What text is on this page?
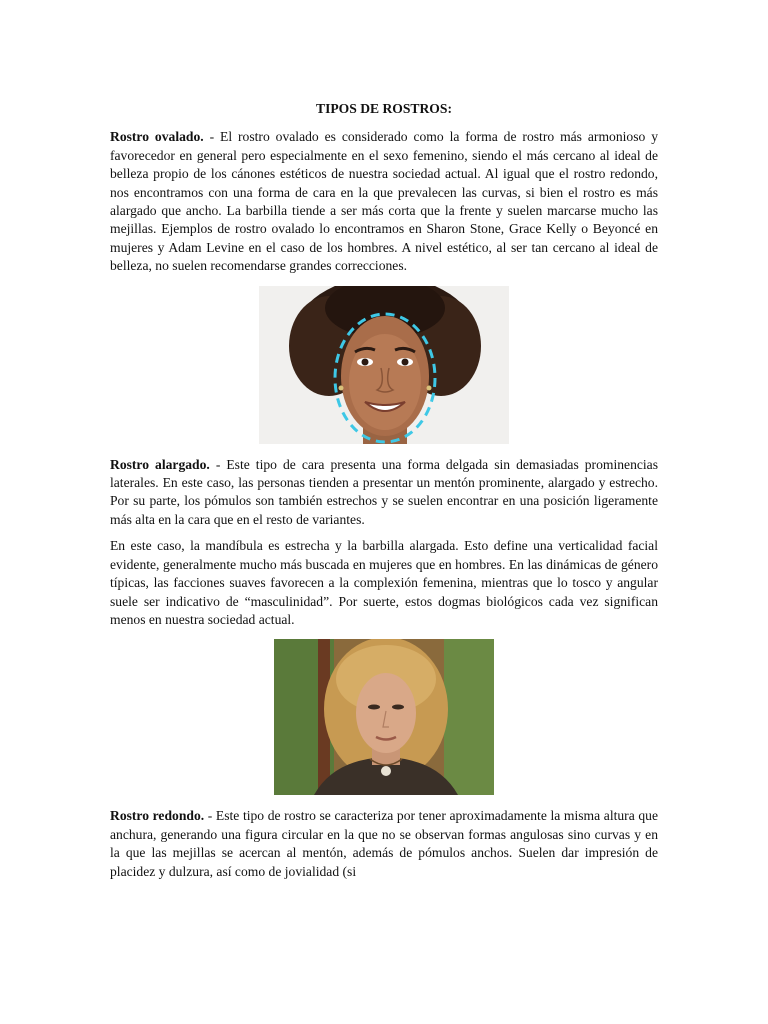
TIPOS DE ROSTROS:

Rostro ovalado. - El rostro ovalado es considerado como la forma de rostro más armonioso y favorecedor en general pero especialmente en el sexo femenino, siendo el más cercano al ideal de belleza propio de los cánones estéticos de nuestra sociedad actual. Al igual que el rostro redondo, nos encontramos con una forma de cara en la que prevalecen las curvas, si bien el rostro es más alargado que ancho. La barbilla tiende a ser más corta que la frente y suelen marcarse mucho las mejillas. Ejemplos de rostro ovalado lo encontramos en Sharon Stone, Grace Kelly o Beyoncé en mujeres y Adam Levine en el caso de los hombres. A nivel estético, al ser tan cercano al ideal de belleza, no suelen recomendarse grandes correcciones.

Rostro alargado. - Este tipo de cara presenta una forma delgada sin demasiadas prominencias laterales. En este caso, las personas tienden a presentar un mentón prominente, alargado y estrecho. Por su parte, los pómulos son también estrechos y se suelen encontrar en una posición ligeramente más alta en la cara que en el resto de variantes.

En este caso, la mandíbula es estrecha y la barbilla alargada. Esto define una verticalidad facial evidente, generalmente mucho más buscada en mujeres que en hombres. En las dinámicas de género típicas, las facciones suaves favorecen a la complexión femenina, mientras que lo tosco y angular suele ser indicativo de “masculinidad”. Por suerte, estos dogmas biológicos cada vez significan menos en nuestra sociedad actual.

Rostro redondo. - Este tipo de rostro se caracteriza por tener aproximadamente la misma altura que anchura, generando una figura circular en la que no se observan formas angulosas sino curvas y en la que las mejillas se acercan al mentón, además de pómulos anchos. Suelen dar impresión de placidez y dulzura, así como de jovialidad (si
